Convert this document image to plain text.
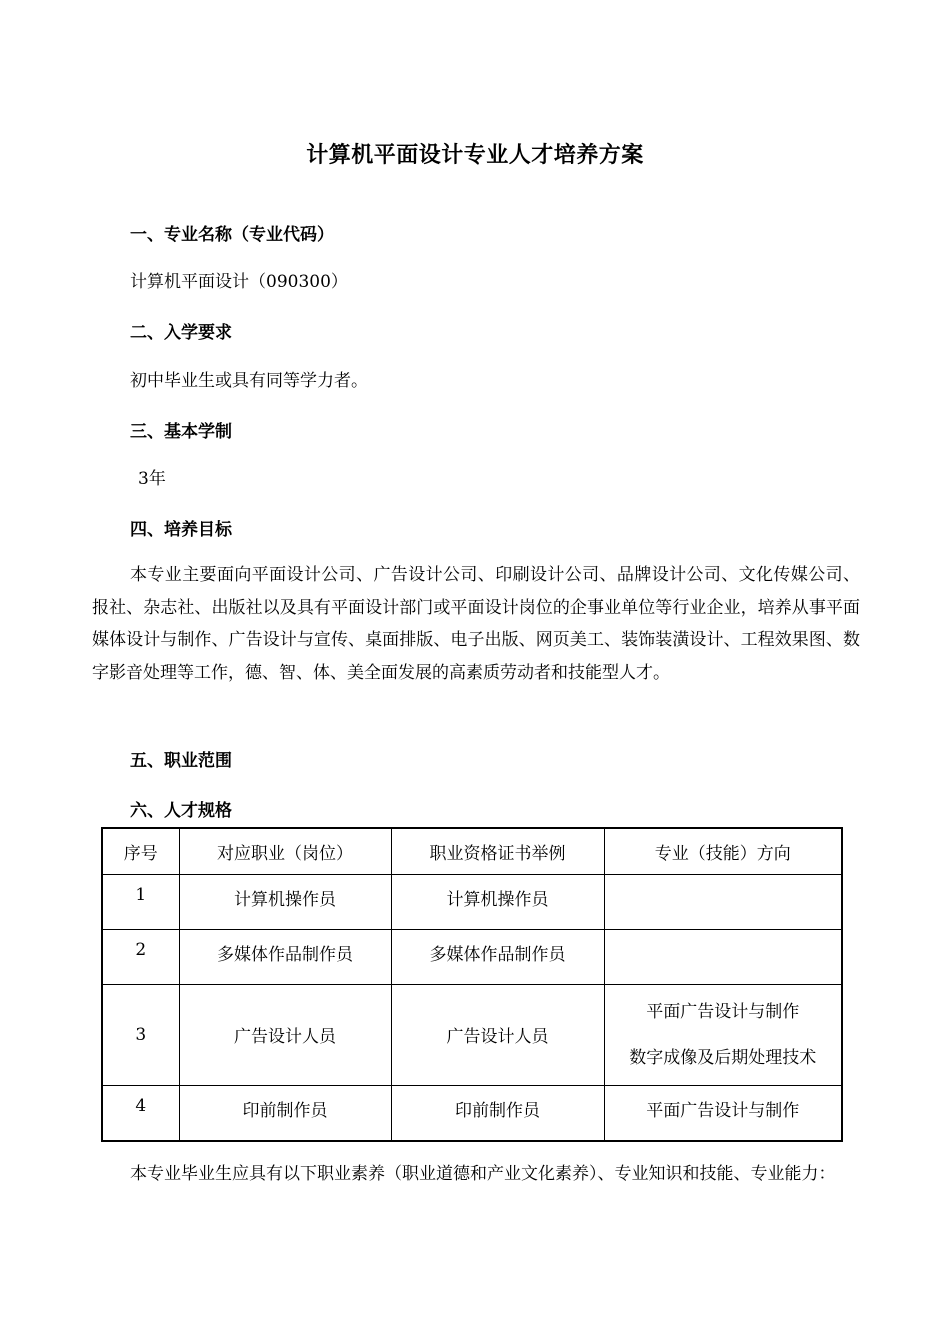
计算机平面设计专业人才培养方案
一、专业名称（专业代码）
计算机平面设计（090300）
二、入学要求
初中毕业生或具有同等学力者。
三、基本学制
3年
四、培养目标
本专业主要面向平面设计公司、广告设计公司、印刷设计公司、品牌设计公司、文化传媒公司、报社、杂志社、出版社以及具有平面设计部门或平面设计岗位的企事业单位等行业企业，培养从事平面媒体设计与制作、广告设计与宣传、桌面排版、电子出版、网页美工、装饰装潢设计、工程效果图、数字影音处理等工作，德、智、体、美全面发展的高素质劳动者和技能型人才。
五、职业范围
六、人才规格
序号	对应职业（岗位）	职业资格证书举例	专业（技能）方向
1	计算机操作员	计算机操作员	
2	多媒体作品制作员	多媒体作品制作员	
3	广告设计人员	广告设计人员	平面广告设计与制作
数字成像及后期处理技术

4	印前制作员	印前制作员	平面广告设计与制作
本专业毕业生应具有以下职业素养（职业道德和产业文化素养）、专业知识和技能、专业能力：
